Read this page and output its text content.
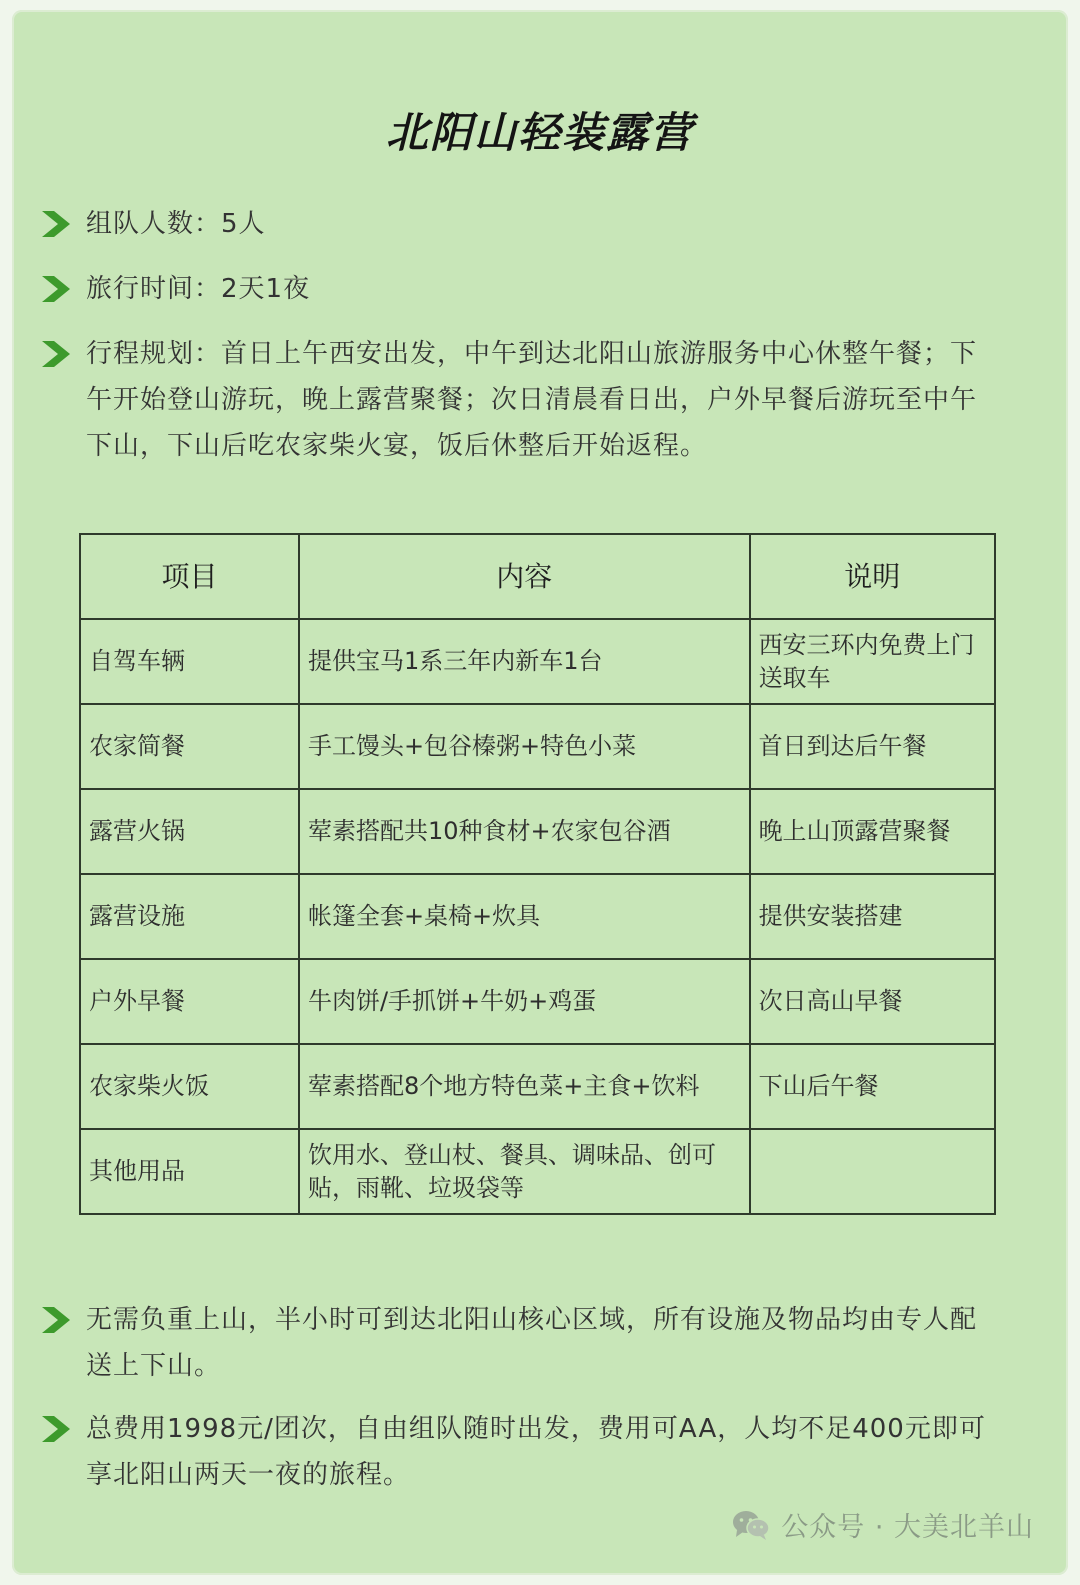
北阳山轻装露营
组队人数：5人
旅行时间：2天1夜
行程规划：首日上午西安出发，中午到达北阳山旅游服务中心休整午餐；下午开始登山游玩，晚上露营聚餐；次日清晨看日出，户外早餐后游玩至中午下山，下山后吃农家柴火宴，饭后休整后开始返程。
项目	内容	说明
自驾车辆	提供宝马1系三年内新车1台	西安三环内免费上门送取车
农家简餐	手工馒头+包谷榛粥+特色小菜	首日到达后午餐
露营火锅	荤素搭配共10种食材+农家包谷酒	晚上山顶露营聚餐
露营设施	帐篷全套+桌椅+炊具	提供安装搭建
户外早餐	牛肉饼/手抓饼+牛奶+鸡蛋	次日高山早餐
农家柴火饭	荤素搭配8个地方特色菜+主食+饮料	下山后午餐
其他用品	饮用水、登山杖、餐具、调味品、创可贴，雨靴、垃圾袋等	
无需负重上山，半小时可到达北阳山核心区域，所有设施及物品均由专人配送上下山。
总费用1998元/团次，自由组队随时出发，费用可AA，人均不足400元即可享北阳山两天一夜的旅程。
公众号 · 大美北羊山
